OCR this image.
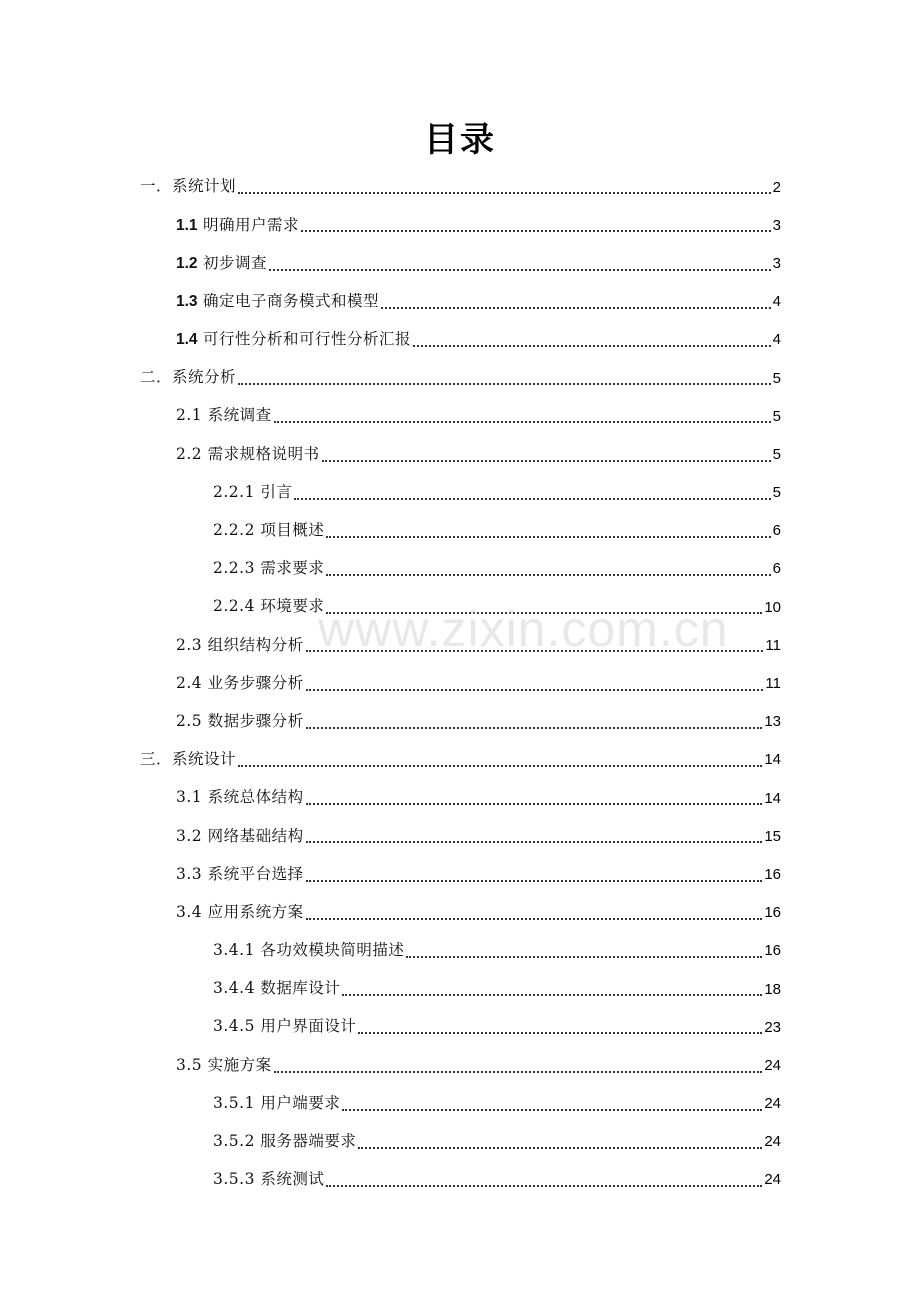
目录
一．系统计划	2
1.1 明确用户需求	3
1.2 初步调查	3
1.3 确定电子商务模式和模型	4
1.4 可行性分析和可行性分析汇报	4
二．系统分析	5
2.1 系统调查	5
2.2 需求规格说明书	5
2.2.1 引言	5
2.2.2 项目概述	6
2.2.3 需求要求	6
2.2.4 环境要求	10
2.3 组织结构分析	11
2.4 业务步骤分析	11
2.5 数据步骤分析	13
三．系统设计	14
3.1 系统总体结构	14
3.2 网络基础结构	15
3.3 系统平台选择	16
3.4 应用系统方案	16
3.4.1 各功效模块简明描述	16
3.4.4 数据库设计	18
3.4.5 用户界面设计	23
3.5 实施方案	24
3.5.1 用户端要求	24
3.5.2 服务器端要求	24
3.5.3 系统测试	24
www.zixin.com.cn
